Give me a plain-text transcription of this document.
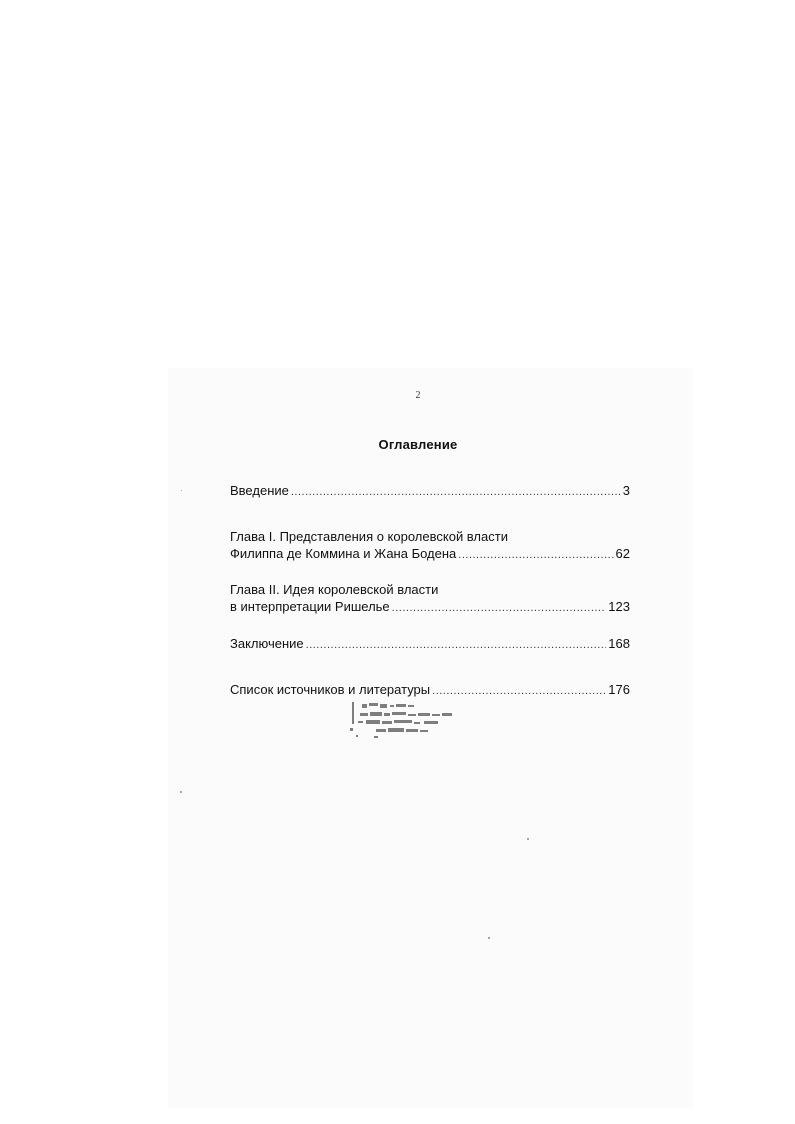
2
Оглавление
Введение .....	3
Глава I. Представления о королевской власти
Филиппа де Коммина и Жана Бодена .....	62
Глава II. Идея королевской власти
в интерпретации Ришелье .....	123
Заключение .....	168
Список источников и литературы .....	176
